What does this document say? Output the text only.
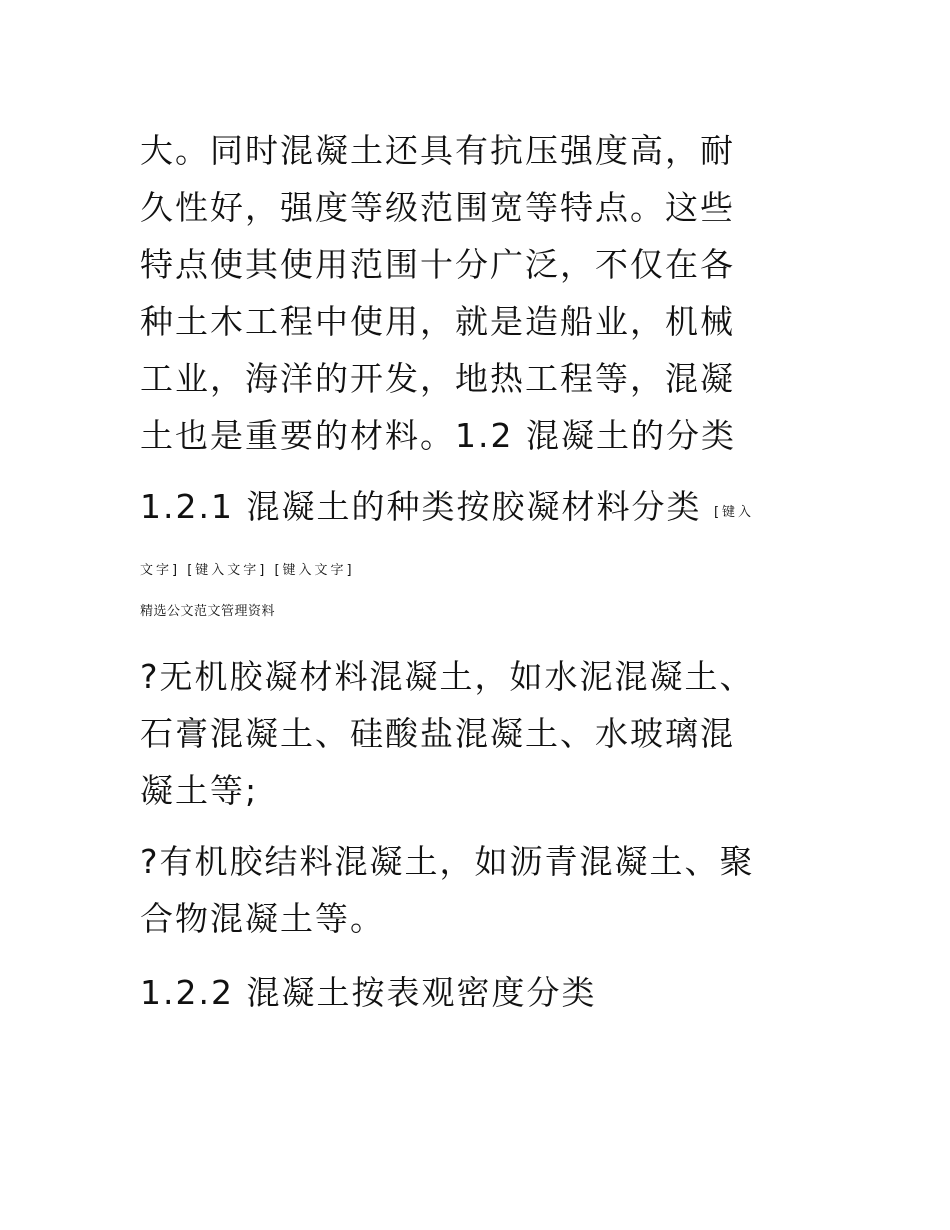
大。同时混凝土还具有抗压强度高，耐
久性好，强度等级范围宽等特点。这些
特点使其使用范围十分广泛，不仅在各
种土木工程中使用，就是造船业，机械
工业，海洋的开发，地热工程等，混凝
土也是重要的材料。1.2 混凝土的分类
1.2.1 混凝土的种类按胶凝材料分类 [键入
文字] [键入文字] [键入文字]
精选公文范文管理资料
?无机胶凝材料混凝土，如水泥混凝土、
石膏混凝土、硅酸盐混凝土、水玻璃混
凝土等;
?有机胶结料混凝土，如沥青混凝土、聚
合物混凝土等。
1.2.2 混凝土按表观密度分类
